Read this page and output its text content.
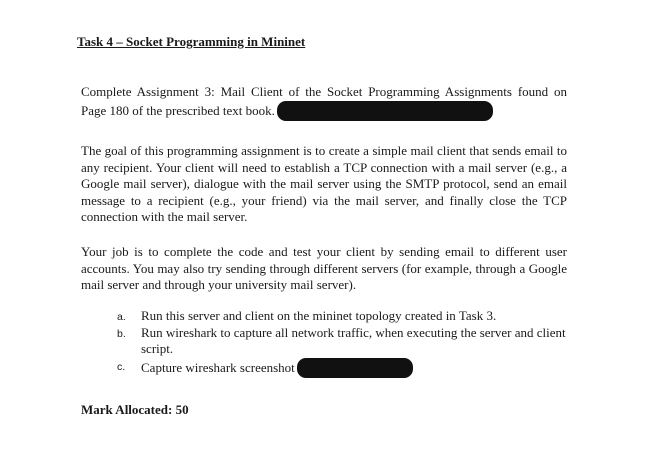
Task 4 – Socket Programming in Mininet
Complete Assignment 3: Mail Client of the Socket Programming Assignments found on Page 180 of the prescribed text book.
The goal of this programming assignment is to create a simple mail client that sends email to any recipient. Your client will need to establish a TCP connection with a mail server (e.g., a Google mail server), dialogue with the mail server using the SMTP protocol, send an email message to a recipient (e.g., your friend) via the mail server, and finally close the TCP connection with the mail server.
Your job is to complete the code and test your client by sending email to different user accounts. You may also try sending through different servers (for example, through a Google mail server and through your university mail server).
a. Run this server and client on the mininet topology created in Task 3.
b. Run wireshark to capture all network traffic, when executing the server and client script.
c. Capture wireshark screenshot
Mark Allocated: 50
